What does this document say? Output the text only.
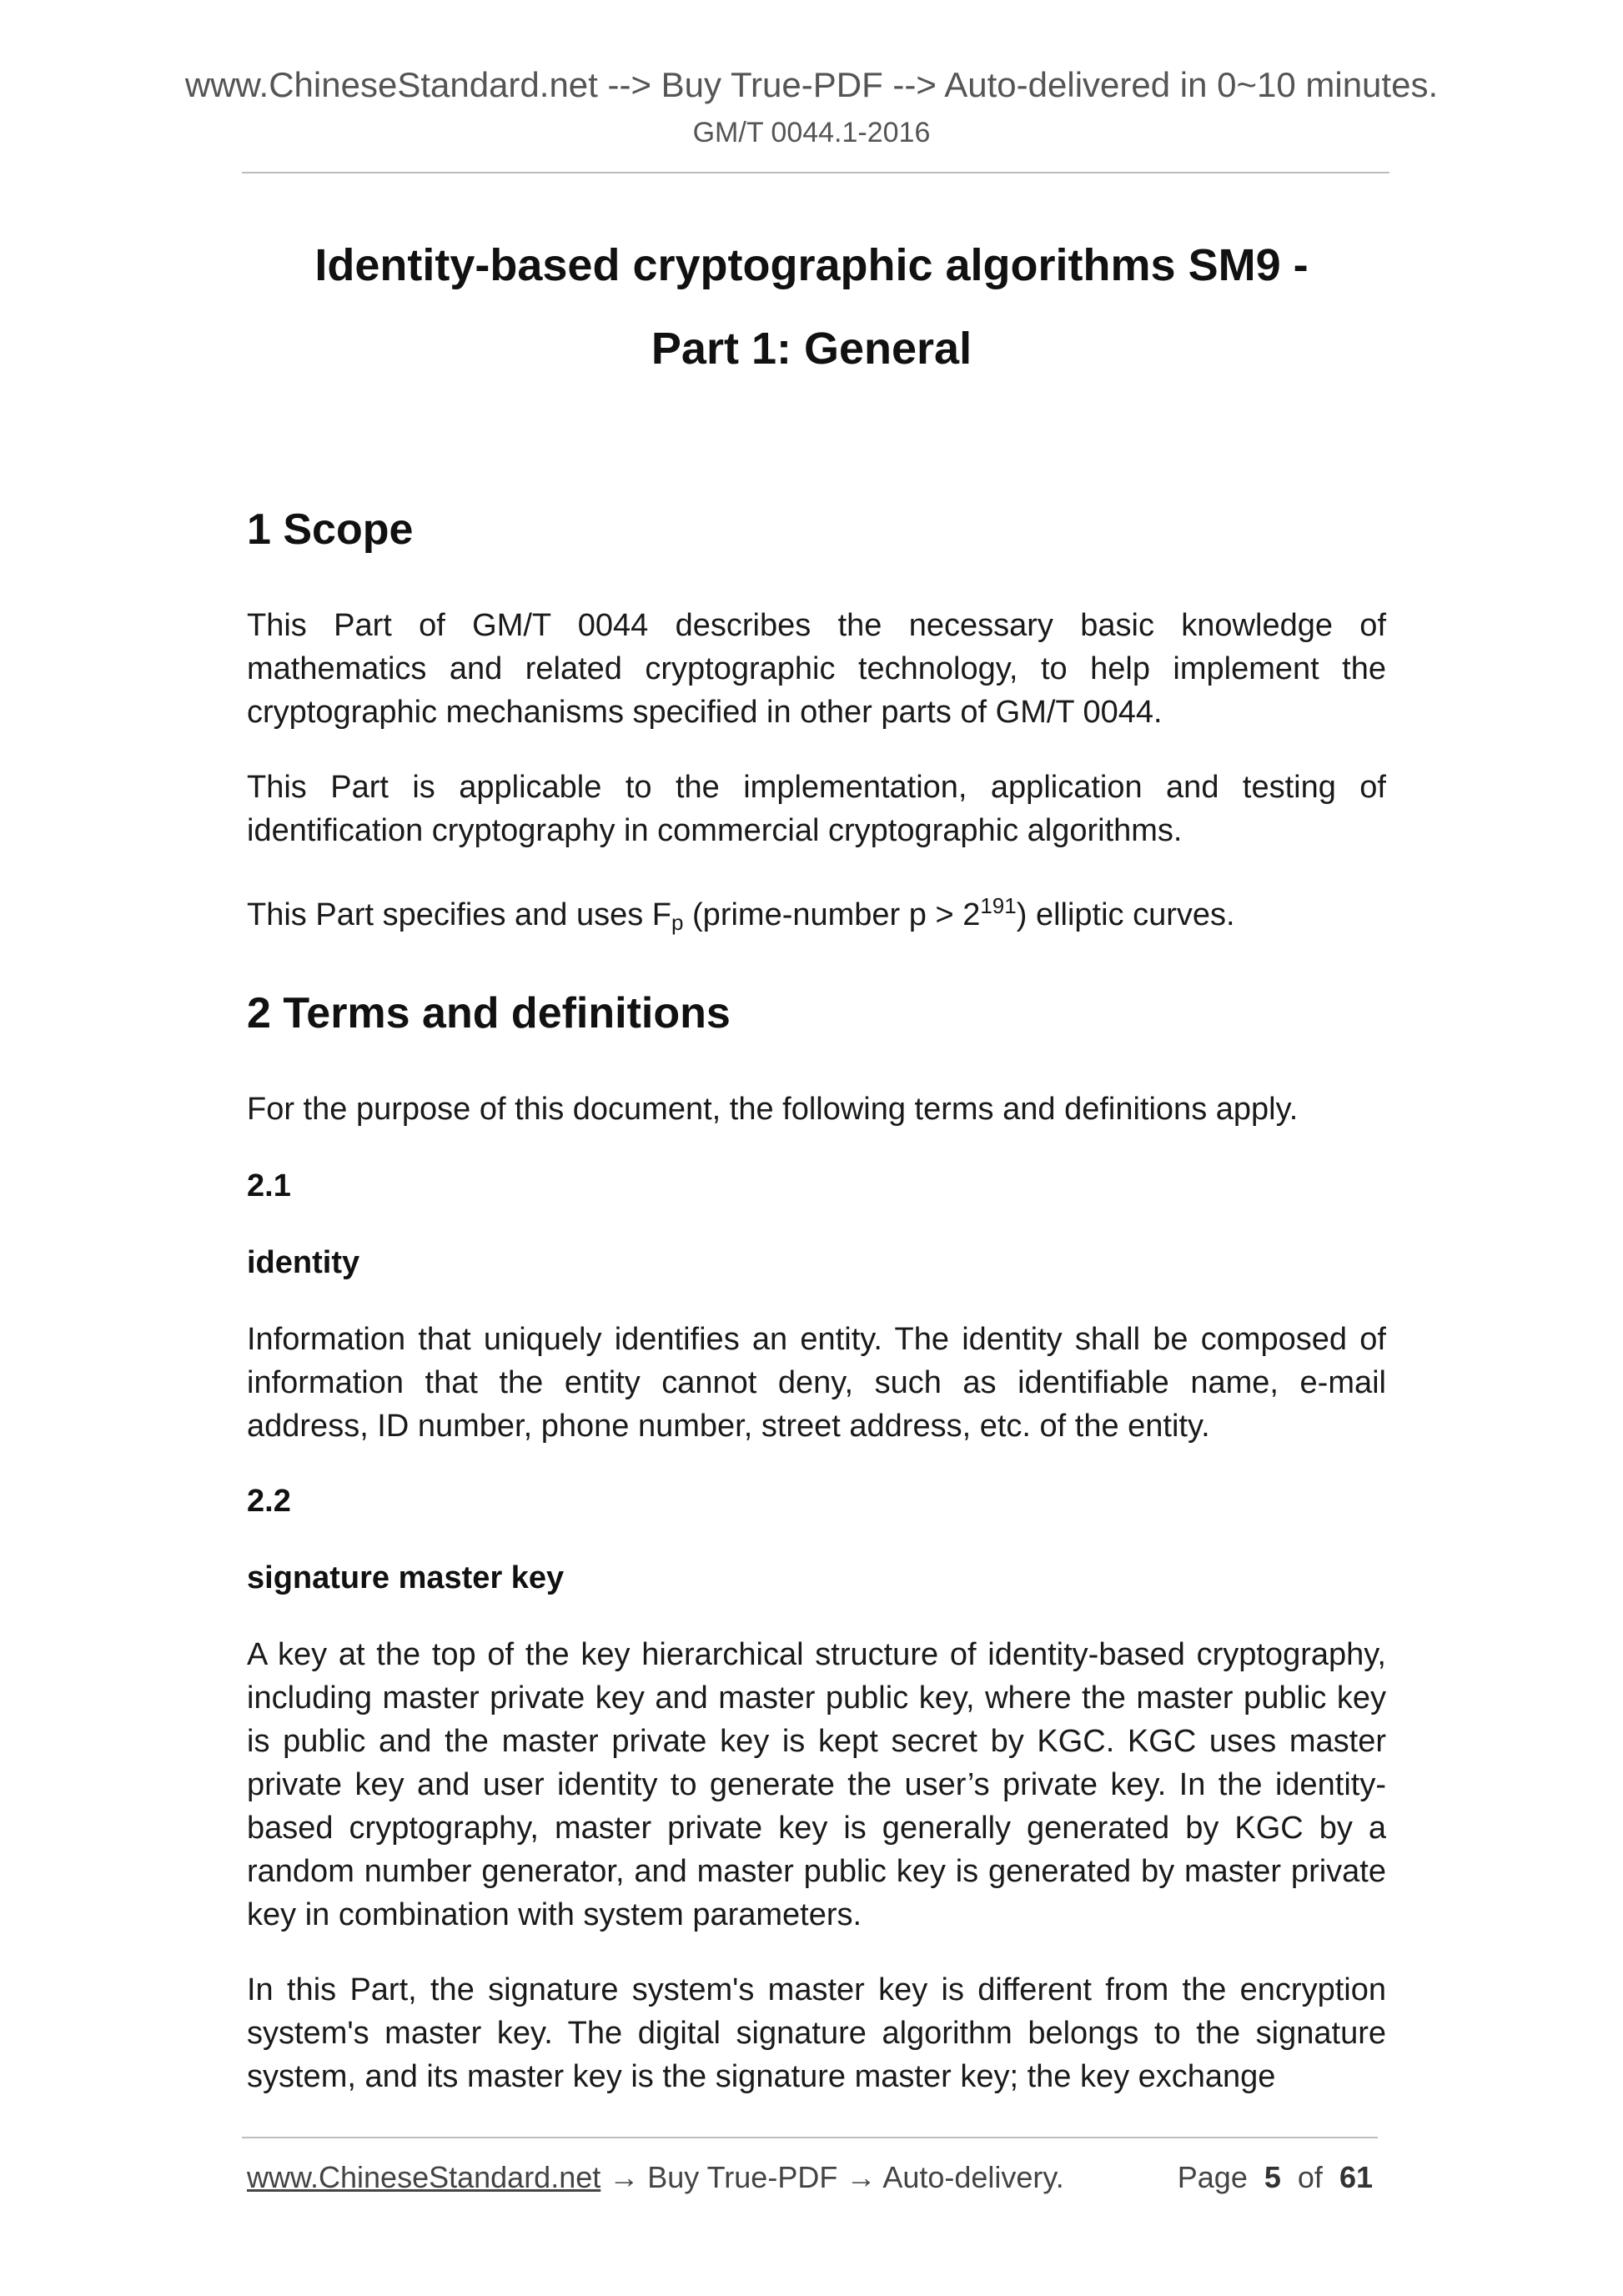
www.ChineseStandard.net --> Buy True-PDF --> Auto-delivered in 0~10 minutes.
GM/T 0044.1-2016
Identity-based cryptographic algorithms SM9 -
Part 1: General
1 Scope
This Part of GM/T 0044 describes the necessary basic knowledge of mathematics and related cryptographic technology, to help implement the cryptographic mechanisms specified in other parts of GM/T 0044.
This Part is applicable to the implementation, application and testing of identification cryptography in commercial cryptographic algorithms.
This Part specifies and uses $F_p$ (prime-number $p > 2^{191}$) elliptic curves.
2 Terms and definitions
For the purpose of this document, the following terms and definitions apply.
2.1
identity
Information that uniquely identifies an entity. The identity shall be composed of information that the entity cannot deny, such as identifiable name, e-mail address, ID number, phone number, street address, etc. of the entity.
2.2
signature master key
A key at the top of the key hierarchical structure of identity-based cryptography, including master private key and master public key, where the master public key is public and the master private key is kept secret by KGC. KGC uses master private key and user identity to generate the user’s private key. In the identity-based cryptography, master private key is generally generated by KGC by a random number generator, and master public key is generated by master private key in combination with system parameters.
In this Part, the signature system's master key is different from the encryption system's master key. The digital signature algorithm belongs to the signature system, and its master key is the signature master key; the key exchange
www.ChineseStandard.net → Buy True-PDF → Auto-delivery.	Page 5 of 61
